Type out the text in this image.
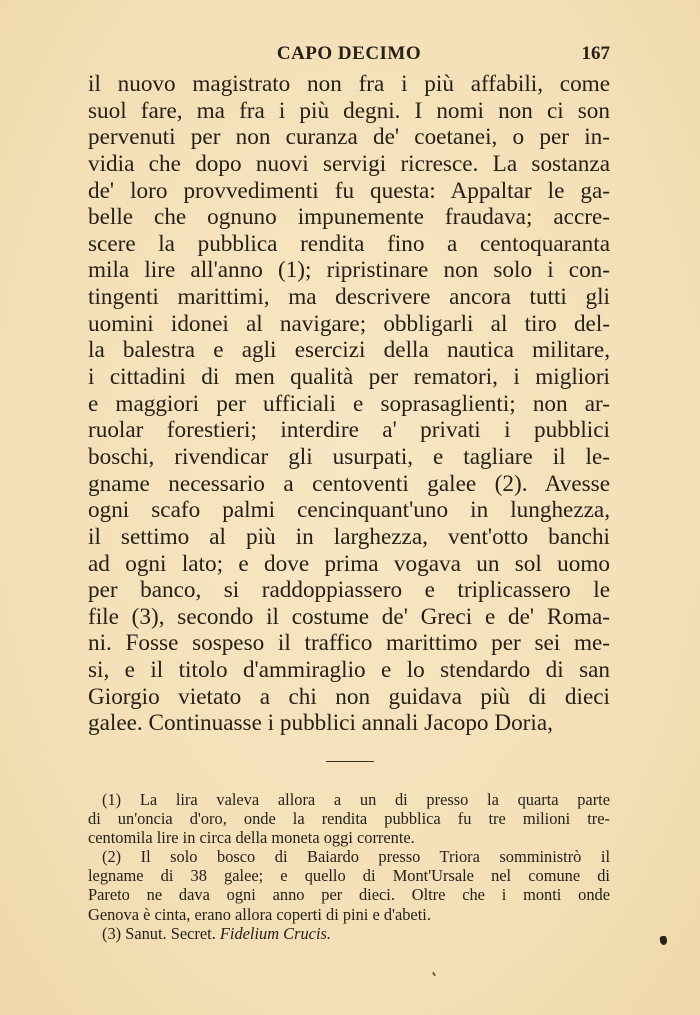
CAPO DECIMO	167
il nuovo magistrato non fra i più affabili, come
suol fare, ma fra i più degni. I nomi non ci son
pervenuti per non curanza de' coetanei, o per in-
vidia che dopo nuovi servigi ricresce. La sostanza
de' loro provvedimenti fu questa: Appaltar le ga-
belle che ognuno impunemente fraudava; accre-
scere la pubblica rendita fino a centoquaranta
mila lire all'anno (1); ripristinare non solo i con-
tingenti marittimi, ma descrivere ancora tutti gli
uomini idonei al navigare; obbligarli al tiro del-
la balestra e agli esercizi della nautica militare,
i cittadini di men qualità per rematori, i migliori
e maggiori per ufficiali e soprasaglienti; non ar-
ruolar forestieri; interdire a' privati i pubblici
boschi, rivendicar gli usurpati, e tagliare il le-
gname necessario a centoventi galee (2). Avesse
ogni scafo palmi cencinquant'uno in lunghezza,
il settimo al più in larghezza, vent'otto banchi
ad ogni lato; e dove prima vogava un sol uomo
per banco, si raddoppiassero e triplicassero le
file (3), secondo il costume de' Greci e de' Roma-
ni. Fosse sospeso il traffico marittimo per sei me-
si, e il titolo d'ammiraglio e lo stendardo di san
Giorgio vietato a chi non guidava più di dieci
galee. Continuasse i pubblici annali Jacopo Doria,
(1) La lira valeva allora a un di presso la quarta parte
di un'oncia d'oro, onde la rendita pubblica fu tre milioni tre-
centomila lire in circa della moneta oggi corrente.
(2) Il solo bosco di Baiardo presso Triora somministrò il
legname di 38 galee; e quello di Mont'Ursale nel comune di
Pareto ne dava ogni anno per dieci. Oltre che i monti onde
Genova è cinta, erano allora coperti di pini e d'abeti.
(3) Sanut. Secret. Fidelium Crucis.
